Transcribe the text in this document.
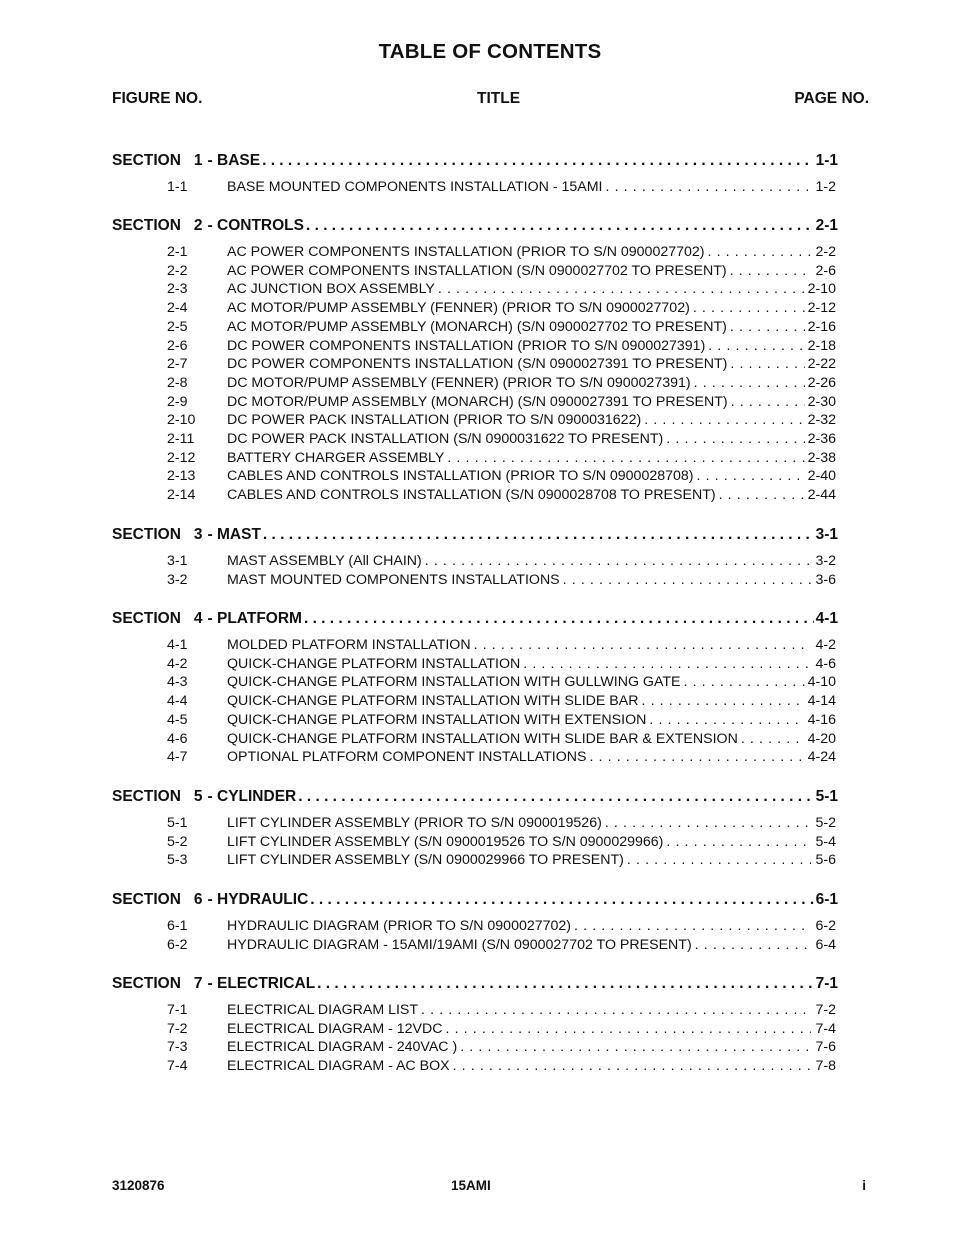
TABLE OF CONTENTS
FIGURE NO.	TITLE	PAGE NO.
SECTION 1 - BASE . . .	1-1
1-1	BASE MOUNTED COMPONENTS INSTALLATION - 15AMI . . .	1-2
SECTION 2 - CONTROLS . . .	2-1
2-1	AC POWER COMPONENTS INSTALLATION (PRIOR TO S/N 0900027702) . . .	2-2
2-2	AC POWER COMPONENTS INSTALLATION (S/N 0900027702 TO PRESENT) . . .	2-6
2-3	AC JUNCTION BOX ASSEMBLY . . .	2-10
2-4	AC MOTOR/PUMP ASSEMBLY (FENNER) (PRIOR TO S/N 0900027702) . . .	2-12
2-5	AC MOTOR/PUMP ASSEMBLY (MONARCH) (S/N 0900027702 TO PRESENT) . . .	2-16
2-6	DC POWER COMPONENTS INSTALLATION (PRIOR TO S/N 0900027391) . . .	2-18
2-7	DC POWER COMPONENTS INSTALLATION (S/N 0900027391 TO PRESENT) . . .	2-22
2-8	DC MOTOR/PUMP ASSEMBLY (FENNER) (PRIOR TO S/N 0900027391) . . .	2-26
2-9	DC MOTOR/PUMP ASSEMBLY (MONARCH) (S/N 0900027391 TO PRESENT) . . .	2-30
2-10	DC POWER PACK INSTALLATION (PRIOR TO S/N 0900031622) . . .	2-32
2-11	DC POWER PACK INSTALLATION (S/N 0900031622 TO PRESENT) . . .	2-36
2-12	BATTERY CHARGER ASSEMBLY . . .	2-38
2-13	CABLES AND CONTROLS INSTALLATION (PRIOR TO S/N 0900028708) . . .	2-40
2-14	CABLES AND CONTROLS INSTALLATION (S/N 0900028708 TO PRESENT) . . .	2-44
SECTION 3 - MAST . . .	3-1
3-1	MAST ASSEMBLY (All CHAIN) . . .	3-2
3-2	MAST MOUNTED COMPONENTS INSTALLATIONS . . .	3-6
SECTION 4 - PLATFORM . . .	4-1
4-1	MOLDED PLATFORM INSTALLATION . . .	4-2
4-2	QUICK-CHANGE PLATFORM INSTALLATION . . .	4-6
4-3	QUICK-CHANGE PLATFORM INSTALLATION WITH GULLWING GATE . . .	4-10
4-4	QUICK-CHANGE PLATFORM INSTALLATION WITH SLIDE BAR . . .	4-14
4-5	QUICK-CHANGE PLATFORM INSTALLATION WITH EXTENSION . . .	4-16
4-6	QUICK-CHANGE PLATFORM INSTALLATION WITH SLIDE BAR & EXTENSION . . .	4-20
4-7	OPTIONAL PLATFORM COMPONENT INSTALLATIONS . . .	4-24
SECTION 5 - CYLINDER . . .	5-1
5-1	LIFT CYLINDER ASSEMBLY (PRIOR TO S/N 0900019526) . . .	5-2
5-2	LIFT CYLINDER ASSEMBLY (S/N 0900019526 TO S/N 0900029966) . . .	5-4
5-3	LIFT CYLINDER ASSEMBLY (S/N 0900029966 TO PRESENT) . . .	5-6
SECTION 6 - HYDRAULIC . . .	6-1
6-1	HYDRAULIC DIAGRAM (PRIOR TO S/N 0900027702) . . .	6-2
6-2	HYDRAULIC DIAGRAM - 15AMI/19AMI (S/N 0900027702 TO PRESENT) . . .	6-4
SECTION 7 - ELECTRICAL . . .	7-1
7-1	ELECTRICAL DIAGRAM LIST . . .	7-2
7-2	ELECTRICAL DIAGRAM - 12VDC . . .	7-4
7-3	ELECTRICAL DIAGRAM - 240VAC ) . . .	7-6
7-4	ELECTRICAL DIAGRAM - AC BOX . . .	7-8
3120876	15AMI	i
